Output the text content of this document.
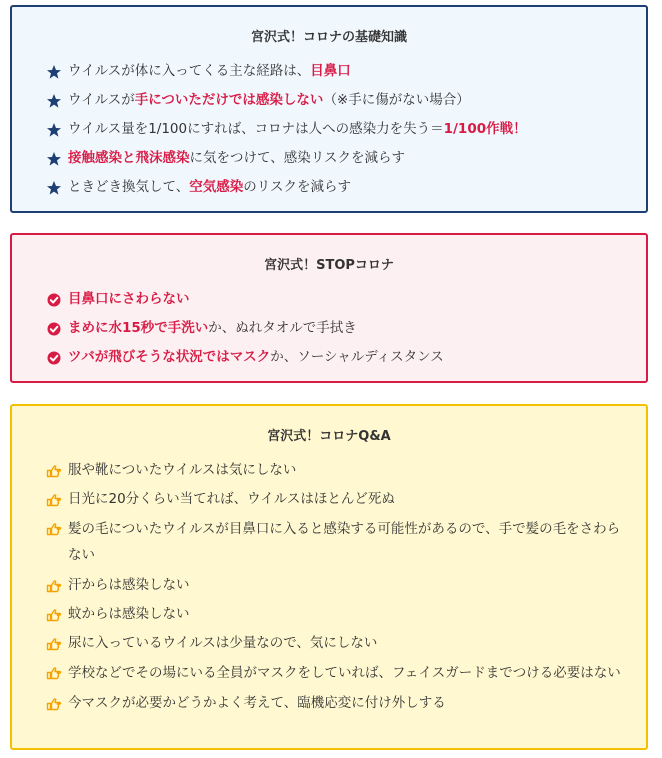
宮沢式！コロナの基礎知識

ウイルスが体に入ってくる主な経路は、目鼻口
ウイルスが手についただけでは感染しない（※手に傷がない場合）
ウイルス量を1/100にすれば、コロナは人への感染力を失う＝1/100作戦！
接触感染と飛沫感染に気をつけて、感染リスクを減らす
ときどき換気して、空気感染のリスクを減らす

宮沢式！STOPコロナ

目鼻口にさわらない
まめに水15秒で手洗いか、ぬれタオルで手拭き
ツバが飛びそうな状況ではマスクか、ソーシャルディスタンス

宮沢式！コロナQ&A

服や靴についたウイルスは気にしない
日光に20分くらい当てれば、ウイルスはほとんど死ぬ
髪の毛についたウイルスが目鼻口に入ると感染する可能性があるので、手で髪の毛をさわらない
汗からは感染しない
蚊からは感染しない
尿に入っているウイルスは少量なので、気にしない
学校などでその場にいる全員がマスクをしていれば、フェイスガードまでつける必要はない
今マスクが必要かどうかよく考えて、臨機応変に付け外しする
